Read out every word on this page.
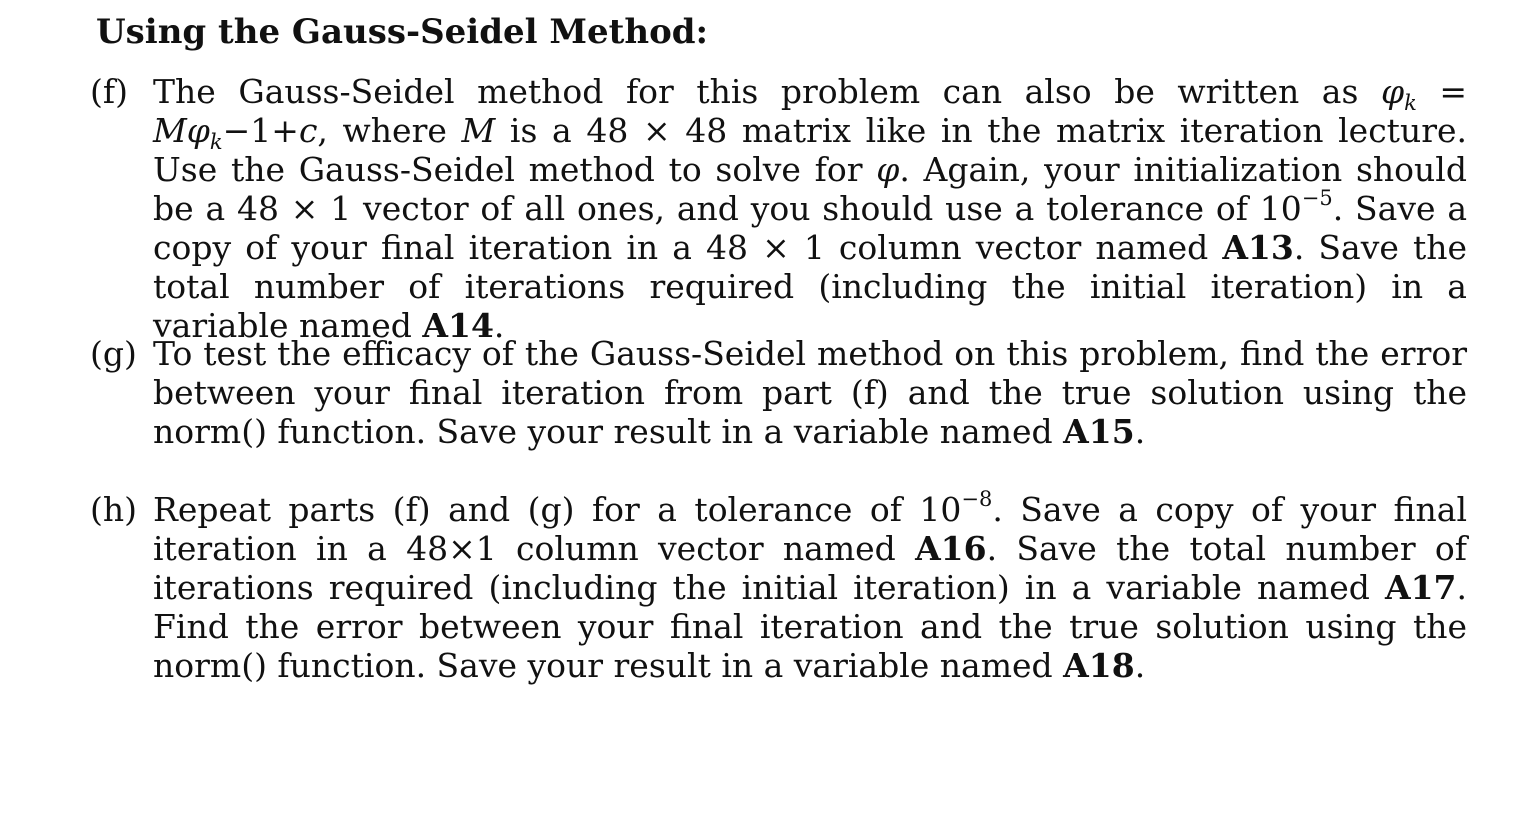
Using the Gauss-Seidel Method:
(f) The Gauss-Seidel method for this problem can also be written as $\varphi_k = M\varphi_k-1+c$, where M is a 48 × 48 matrix like in the matrix iteration lecture. Use the Gauss-Seidel method to solve for φ. Again, your initialization should be a 48 × 1 vector of all ones, and you should use a tolerance of $10^{-5}$. Save a copy of your final iteration in a 48 × 1 column vector named A13. Save the total number of iterations required (including the initial iteration) in a variable named A14.
(g) To test the efficacy of the Gauss-Seidel method on this problem, find the error between your final iteration from part (f) and the true solution using the norm() function. Save your result in a variable named A15.
(h) Repeat parts (f) and (g) for a tolerance of $10^{-8}$. Save a copy of your final iteration in a 48×1 column vector named A16. Save the total number of iterations required (including the initial iteration) in a variable named A17. Find the error between your final iteration and the true solution using the norm() function. Save your result in a variable named A18.
